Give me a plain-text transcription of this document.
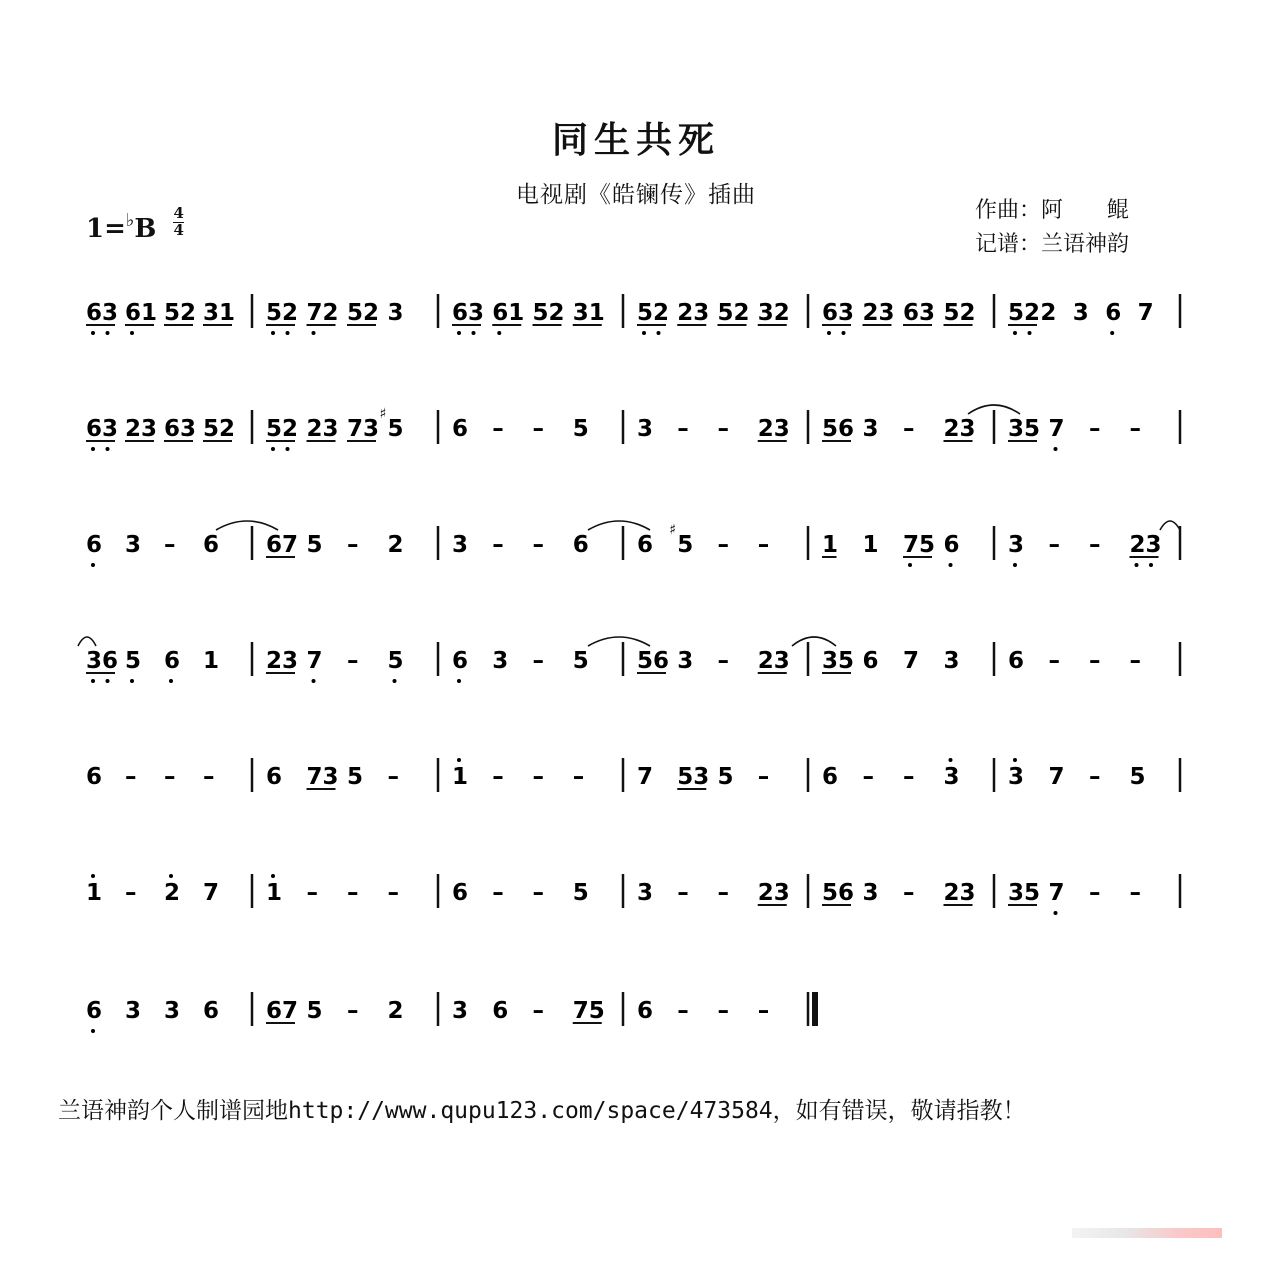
同生共死
电视剧《皓镧传》插曲
1=♭B $\frac{4}{4}$	作曲：阿　　鲲
记谱：兰语神韵
63 61 52 31 52 72 52 3 63 61 52 31 52 23 52 32 63 23 63 52 52 2 3 6 7
63 23 63 52 52 23 73
♯
5 6 – – 5 3 – – 23 56 3 – 23 35 7 – –
6 3 – 6 67 5 – 2 3 – – 6 6
♯
5 – – 1 1 75 6 3 – – 23
36 5 6 1 23 7 – 5 6 3 – 5 56 3 – 23 35 6 7 3 6 – – –
6 – – – 6 73 5 – 1 – – – 7 53 5 – 6 – – 3 3 7 – 5
1 – 2 7 1 – – – 6 – – 5 3 – – 23 56 3 – 23 35 7 – –
6 3 3 6 67 5 – 2 3 6 – 75 6 – – –
兰语神韵个人制谱园地http://www.qupu123.com/space/473584，如有错误，敬请指教！
